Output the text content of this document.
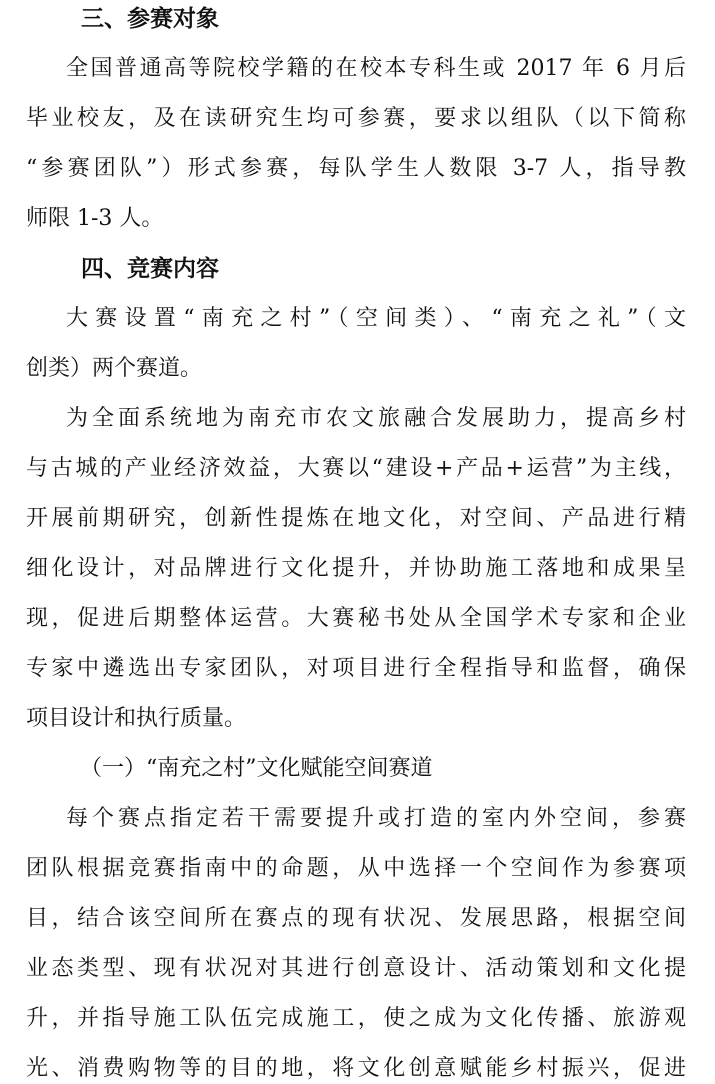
三、参赛对象
全国普通高等院校学籍的在校本专科生或 2017 年 6 月后
毕业校友，及在读研究生均可参赛，要求以组队（以下简称
“参赛团队”）形式参赛，每队学生人数限 3-7 人，指导教
师限 1-3 人。
四、竞赛内容
大赛设置“南充之村”（空间类）、“南充之礼”（文
创类）两个赛道。
为全面系统地为南充市农文旅融合发展助力，提高乡村
与古城的产业经济效益，大赛以“建设+产品+运营”为主线，
开展前期研究，创新性提炼在地文化，对空间、产品进行精
细化设计，对品牌进行文化提升，并协助施工落地和成果呈
现，促进后期整体运营。大赛秘书处从全国学术专家和企业
专家中遴选出专家团队，对项目进行全程指导和监督，确保
项目设计和执行质量。
（一）“南充之村”文化赋能空间赛道
每个赛点指定若干需要提升或打造的室内外空间，参赛
团队根据竞赛指南中的命题，从中选择一个空间作为参赛项
目，结合该空间所在赛点的现有状况、发展思路，根据空间
业态类型、现有状况对其进行创意设计、活动策划和文化提
升，并指导施工队伍完成施工，使之成为文化传播、旅游观
光、消费购物等的目的地，将文化创意赋能乡村振兴，促进
